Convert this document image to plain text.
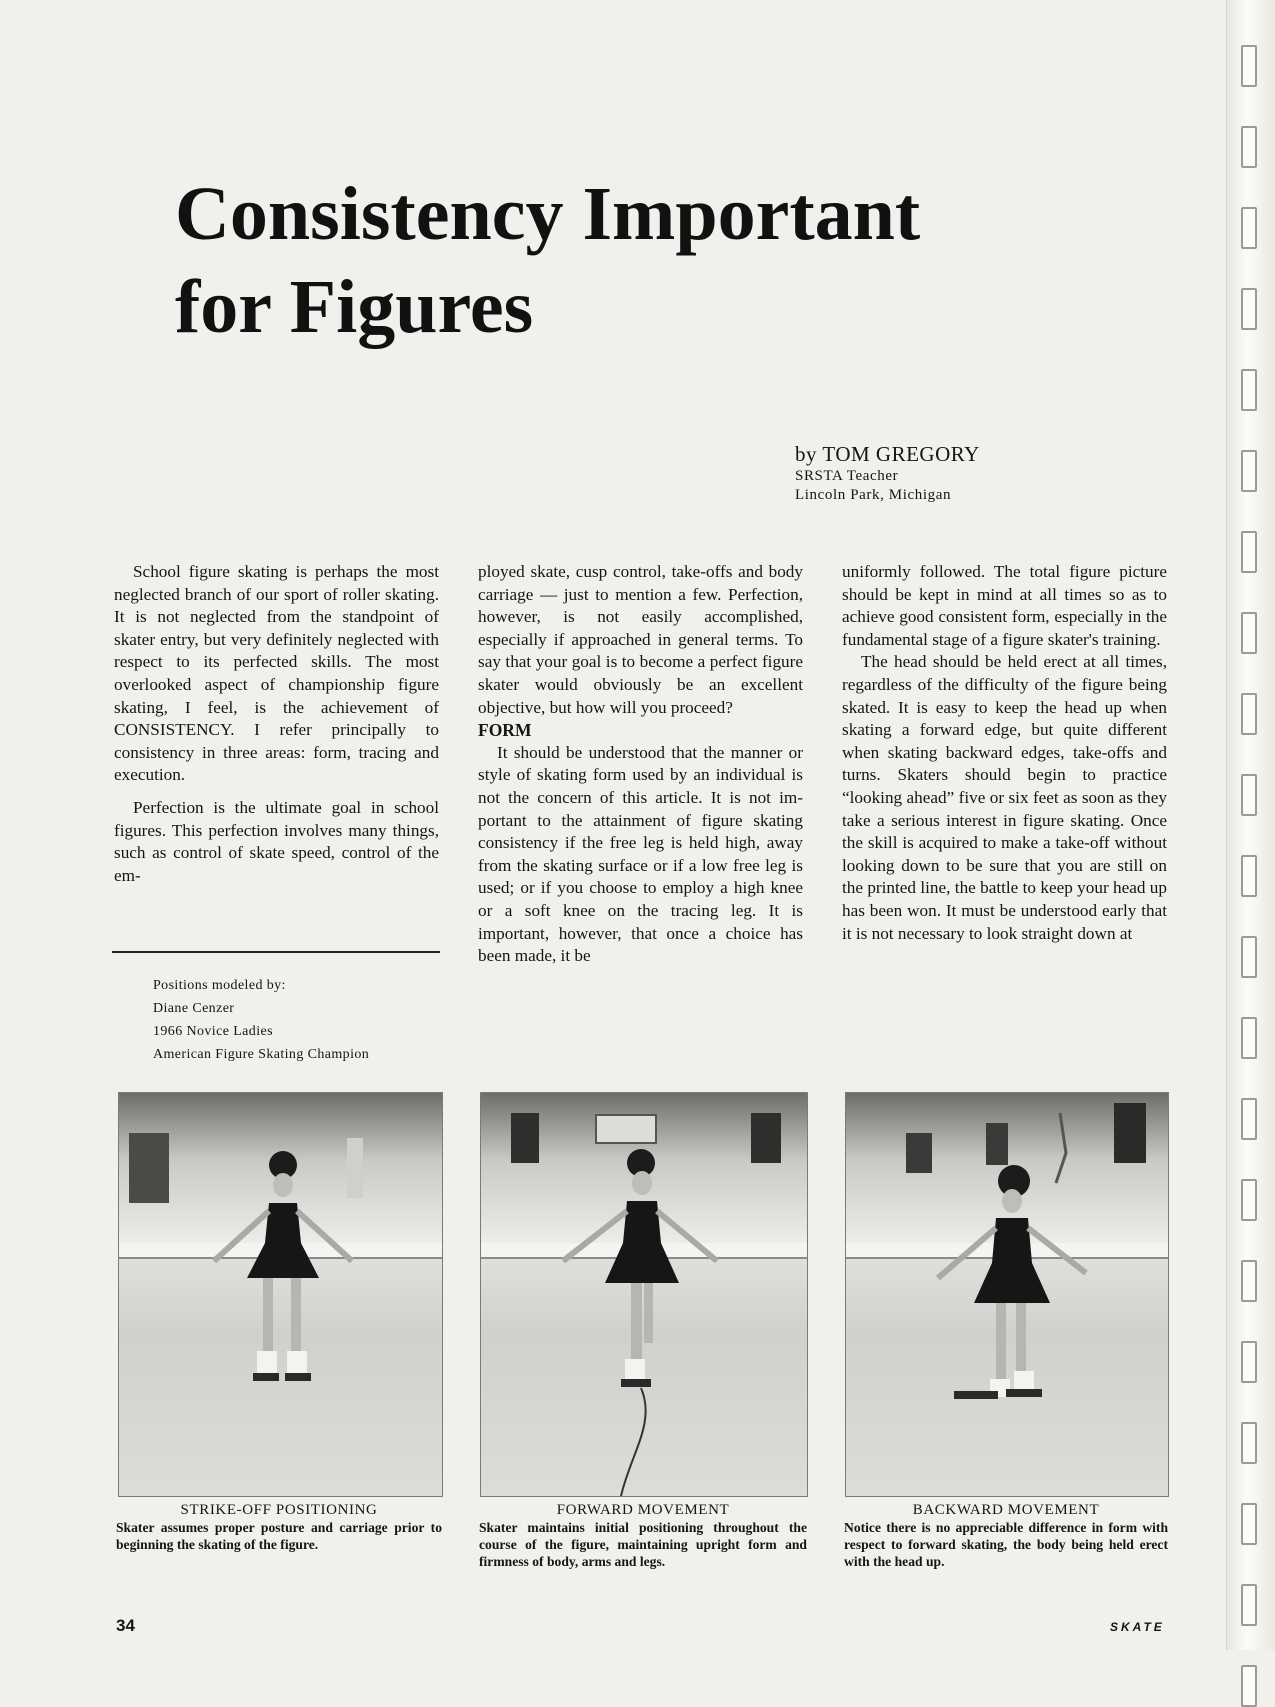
Consistency Important
for Figures
by TOM GREGORY
SRSTA Teacher
Lincoln Park, Michigan

School figure skating is perhaps the most neglected branch of our sport of roller skating. It is not neglected from the standpoint of skater entry, but very definitely neglected with respect to its perfected skills. The most overlooked aspect of championship figure skating, I feel, is the achievement of CONSISTENCY. I refer principally to consistency in three areas: form, tracing and execution.

Perfection is the ultimate goal in school figures. This perfection involves many things, such as control of skate speed, control of the em-

Positions modeled by:
Diane Cenzer
1966 Novice Ladies
American Figure Skating Champion

ployed skate, cusp control, take-offs and body carriage — just to mention a few. Perfection, however, is not easily accomplished, especially if approached in general terms. To say that your goal is to become a perfect figure skater would obviously be an excellent objective, but how will you proceed?

FORM

It should be understood that the manner or style of skating form used by an individual is not the concern of this article. It is not important to the attainment of figure skating consistency if the free leg is held high, away from the skating surface or if a low free leg is used; or if you choose to employ a high knee or a soft knee on the tracing leg. It is important, however, that once a choice has been made, it be

uniformly followed. The total figure picture should be kept in mind at all times so as to achieve good consistent form, especially in the fundamental stage of a figure skater's training.

The head should be held erect at all times, regardless of the difficulty of the figure being skated. It is easy to keep the head up when skating a forward edge, but quite different when skating backward edges, take-offs and turns. Skaters should begin to practice “looking ahead” five or six feet as soon as they take a serious interest in figure skating. Once the skill is acquired to make a take-off without looking down to be sure that you are still on the printed line, the battle to keep your head up has been won. It must be understood early that it is not necessary to look straight down at

STRIKE-OFF POSITIONING
Skater assumes proper posture and carriage prior to beginning the skating of the figure.
FORWARD MOVEMENT
Skater maintains initial positioning throughout the course of the figure, maintaining upright form and firmness of body, arms and legs.
BACKWARD MOVEMENT
Notice there is no appreciable difference in form with respect to forward skating, the body being held erect with the head up.
34	SKATE
